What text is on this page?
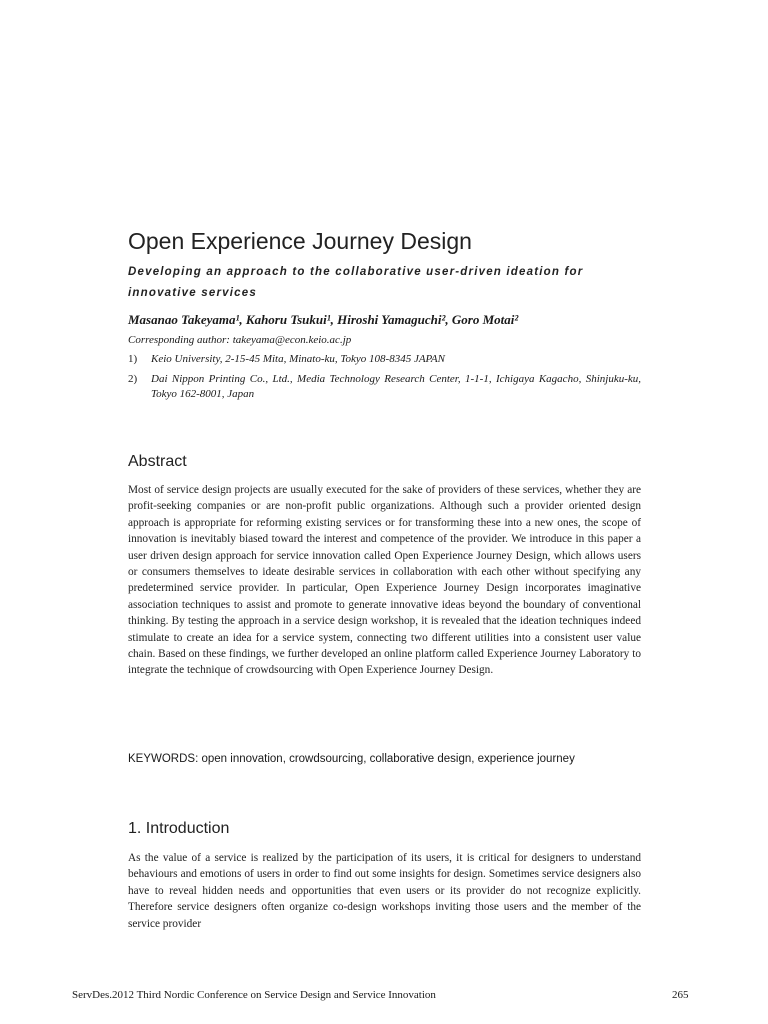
Open Experience Journey Design

Developing an approach to the collaborative user-driven ideation for innovative services

Masanao Takeyama¹, Kahoru Tsukui¹, Hiroshi Yamaguchi², Goro Motai²

Corresponding author: takeyama@econ.keio.ac.jp

1) Keio University, 2-15-45 Mita, Minato-ku, Tokyo 108-8345 JAPAN
2) Dai Nippon Printing Co., Ltd., Media Technology Research Center, 1-1-1, Ichigaya Kagacho, Shinjuku-ku, Tokyo 162-8001, Japan
Abstract

Most of service design projects are usually executed for the sake of providers of these services, whether they are profit-seeking companies or are non-profit public organizations. Although such a provider oriented design approach is appropriate for reforming existing services or for transforming these into a new ones, the scope of innovation is inevitably biased toward the interest and competence of the provider. We introduce in this paper a user driven design approach for service innovation called Open Experience Journey Design, which allows users or consumers themselves to ideate desirable services in collaboration with each other without specifying any predetermined service provider. In particular, Open Experience Journey Design incorporates imaginative association techniques to assist and promote to generate innovative ideas beyond the boundary of conventional thinking. By testing the approach in a service design workshop, it is revealed that the ideation techniques indeed stimulate to create an idea for a service system, connecting two different utilities into a consistent user value chain. Based on these findings, we further developed an online platform called Experience Journey Laboratory to integrate the technique of crowdsourcing with Open Experience Journey Design.

KEYWORDS: open innovation, crowdsourcing, collaborative design, experience journey

1. Introduction

As the value of a service is realized by the participation of its users, it is critical for designers to understand behaviours and emotions of users in order to find out some insights for design. Sometimes service designers also have to reveal hidden needs and opportunities that even users or its provider do not recognize explicitly. Therefore service designers often organize co-design workshops inviting those users and the member of the service provider

ServDes.2012 Third Nordic Conference on Service Design and Service Innovation	265
